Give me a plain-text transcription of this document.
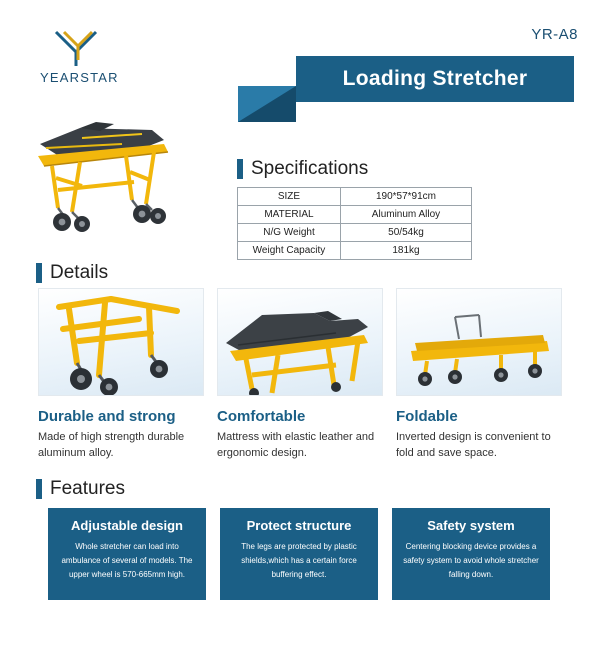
YEARSTAR
YR-A8
Loading Stretcher
Specifications
SIZE	190*57*91cm
MATERIAL	Aluminum Alloy
N/G Weight	50/54kg
Weight Capacity	181kg
Details
Durable and strong
Made of high strength durable aluminum alloy.
Comfortable
Mattress with elastic leather and ergonomic design.
Foldable
Inverted design is convenient to fold and save space.
Features
Adjustable design
Whole stretcher can load into ambulance of several of models. The upper wheel is 570-665mm high.
Protect structure
The legs are protected by plastic shields,which has a certain force buffering effect.
Safety system
Centering blocking device provides a safety system to avoid whole stretcher falling down.
